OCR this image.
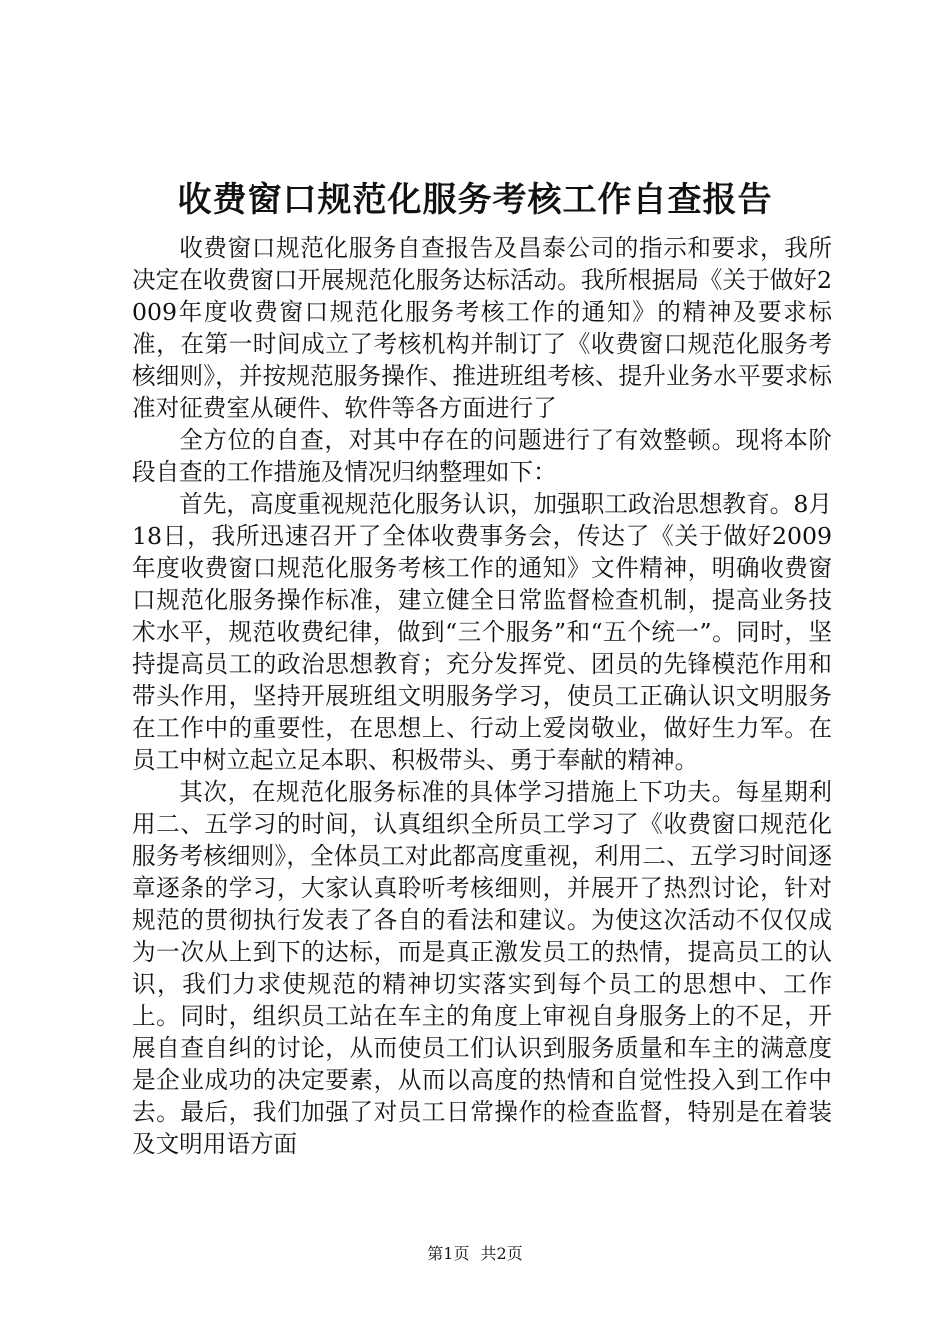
收费窗口规范化服务考核工作自查报告

收费窗口规范化服务自查报告及昌泰公司的指示和要求，我所决定在收费窗口开展规范化服务达标活动。我所根据局《关于做好2009年度收费窗口规范化服务考核工作的通知》的精神及要求标准，在第一时间成立了考核机构并制订了《收费窗口规范化服务考核细则》，并按规范服务操作、推进班组考核、提升业务水平要求标准对征费室从硬件、软件等各方面进行了

全方位的自查，对其中存在的问题进行了有效整顿。现将本阶段自查的工作措施及情况归纳整理如下：

首先，高度重视规范化服务认识，加强职工政治思想教育。8月18日，我所迅速召开了全体收费事务会，传达了《关于做好2009年度收费窗口规范化服务考核工作的通知》文件精神，明确收费窗口规范化服务操作标准，建立健全日常监督检查机制，提高业务技术水平，规范收费纪律，做到“三个服务”和“五个统一”。同时，坚持提高员工的政治思想教育；充分发挥党、团员的先锋模范作用和带头作用，坚持开展班组文明服务学习，使员工正确认识文明服务在工作中的重要性，在思想上、行动上爱岗敬业，做好生力军。在员工中树立起立足本职、积极带头、勇于奉献的精神。

其次，在规范化服务标准的具体学习措施上下功夫。每星期利用二、五学习的时间，认真组织全所员工学习了《收费窗口规范化服务考核细则》，全体员工对此都高度重视，利用二、五学习时间逐章逐条的学习，大家认真聆听考核细则，并展开了热烈讨论，针对规范的贯彻执行发表了各自的看法和建议。为使这次活动不仅仅成为一次从上到下的达标，而是真正激发员工的热情，提高员工的认识，我们力求使规范的精神切实落实到每个员工的思想中、工作上。同时，组织员工站在车主的角度上审视自身服务上的不足，开展自查自纠的讨论，从而使员工们认识到服务质量和车主的满意度是企业成功的决定要素，从而以高度的热情和自觉性投入到工作中去。最后，我们加强了对员工日常操作的检查监督，特别是在着装及文明用语方面

第1页 共2页
